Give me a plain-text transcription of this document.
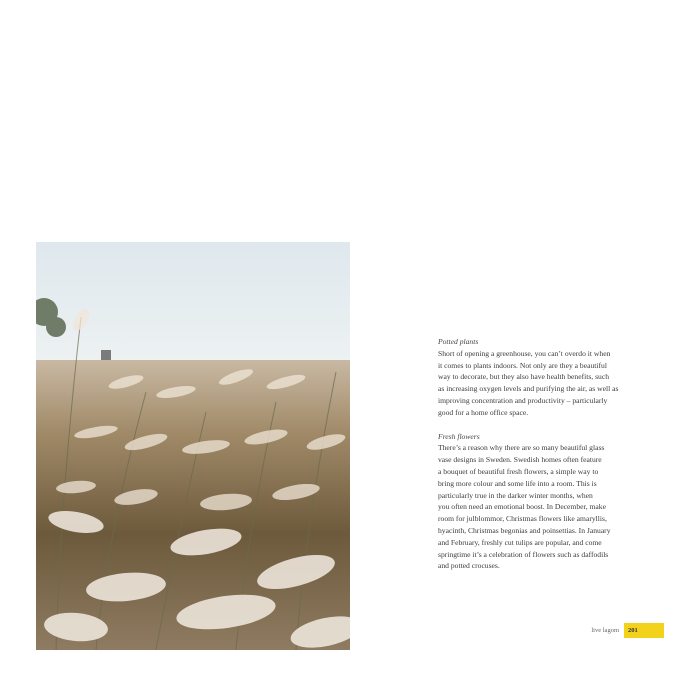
Potted plants

Short of opening a greenhouse, you can’t overdo it when

it comes to plants indoors. Not only are they a beautiful

way to decorate, but they also have health benefits, such

as increasing oxygen levels and purifying the air, as well as

improving concentration and productivity – particularly

good for a home office space.

Fresh flowers

There’s a reason why there are so many beautiful glass

vase designs in Sweden. Swedish homes often feature

a bouquet of beautiful fresh flowers, a simple way to

bring more colour and some life into a room. This is

particularly true in the darker winter months, when

you often need an emotional boost. In December, make

room for julblommor, Christmas flowers like amaryllis,

hyacinth, Christmas begonias and poinsettias. In January

and February, freshly cut tulips are popular, and come

springtime it’s a celebration of flowers such as daffodils

and potted crocuses.

live lagom	201
